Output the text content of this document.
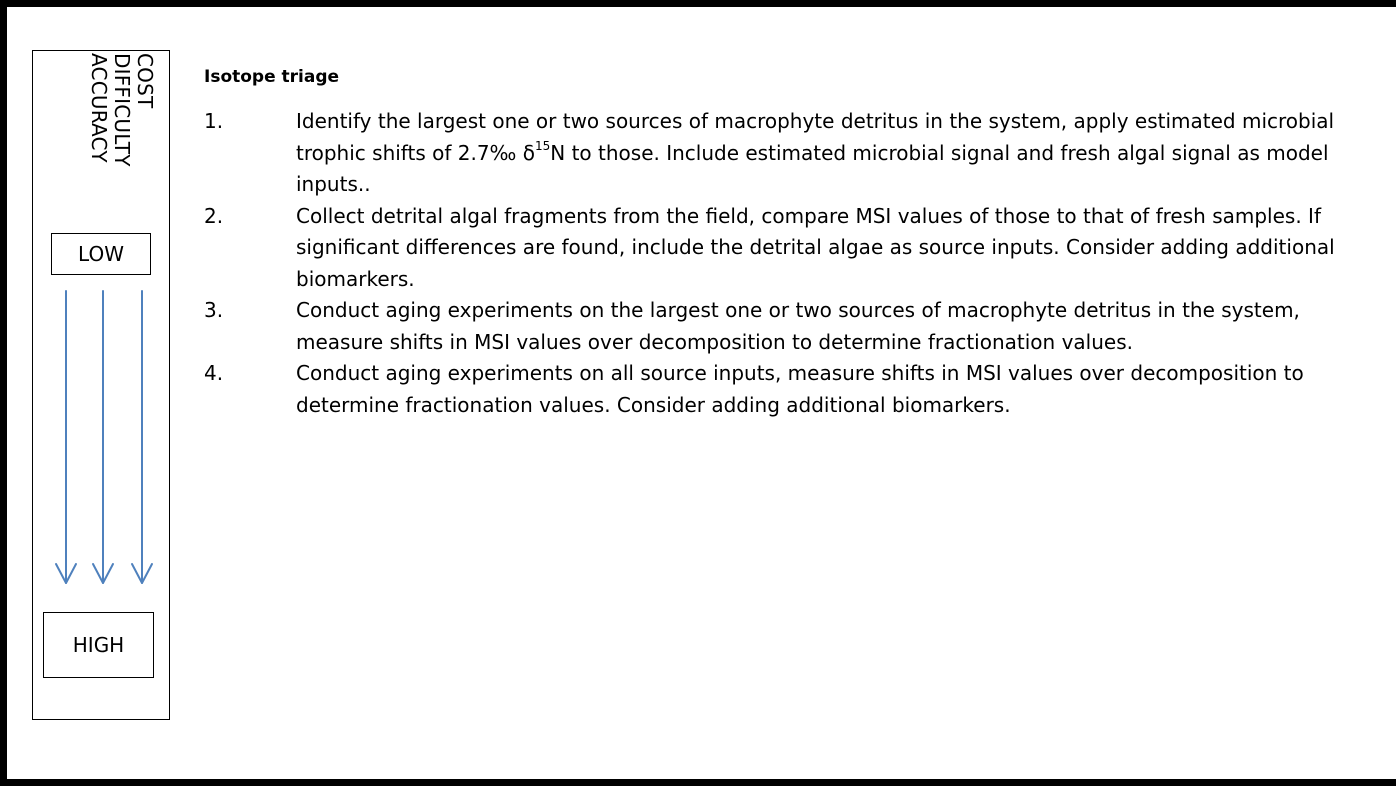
COST
DIFFICULTY
ACCURACY
LOW
HIGH
Isotope triage
1.	Identify the largest one or two sources of macrophyte detritus in the system, apply estimated microbial trophic shifts of 2.7‰ $\delta^{15}N$ to those. Include estimated microbial signal and fresh algal signal as model inputs..
2.	Collect detrital algal fragments from the field, compare MSI values of those to that of fresh samples. If significant differences are found, include the detrital algae as source inputs. Consider adding additional biomarkers.
3.	Conduct aging experiments on the largest one or two sources of macrophyte detritus in the system, measure shifts in MSI values over decomposition to determine fractionation values.
4.	Conduct aging experiments on all source inputs, measure shifts in MSI values over decomposition to determine fractionation values. Consider adding additional biomarkers.
